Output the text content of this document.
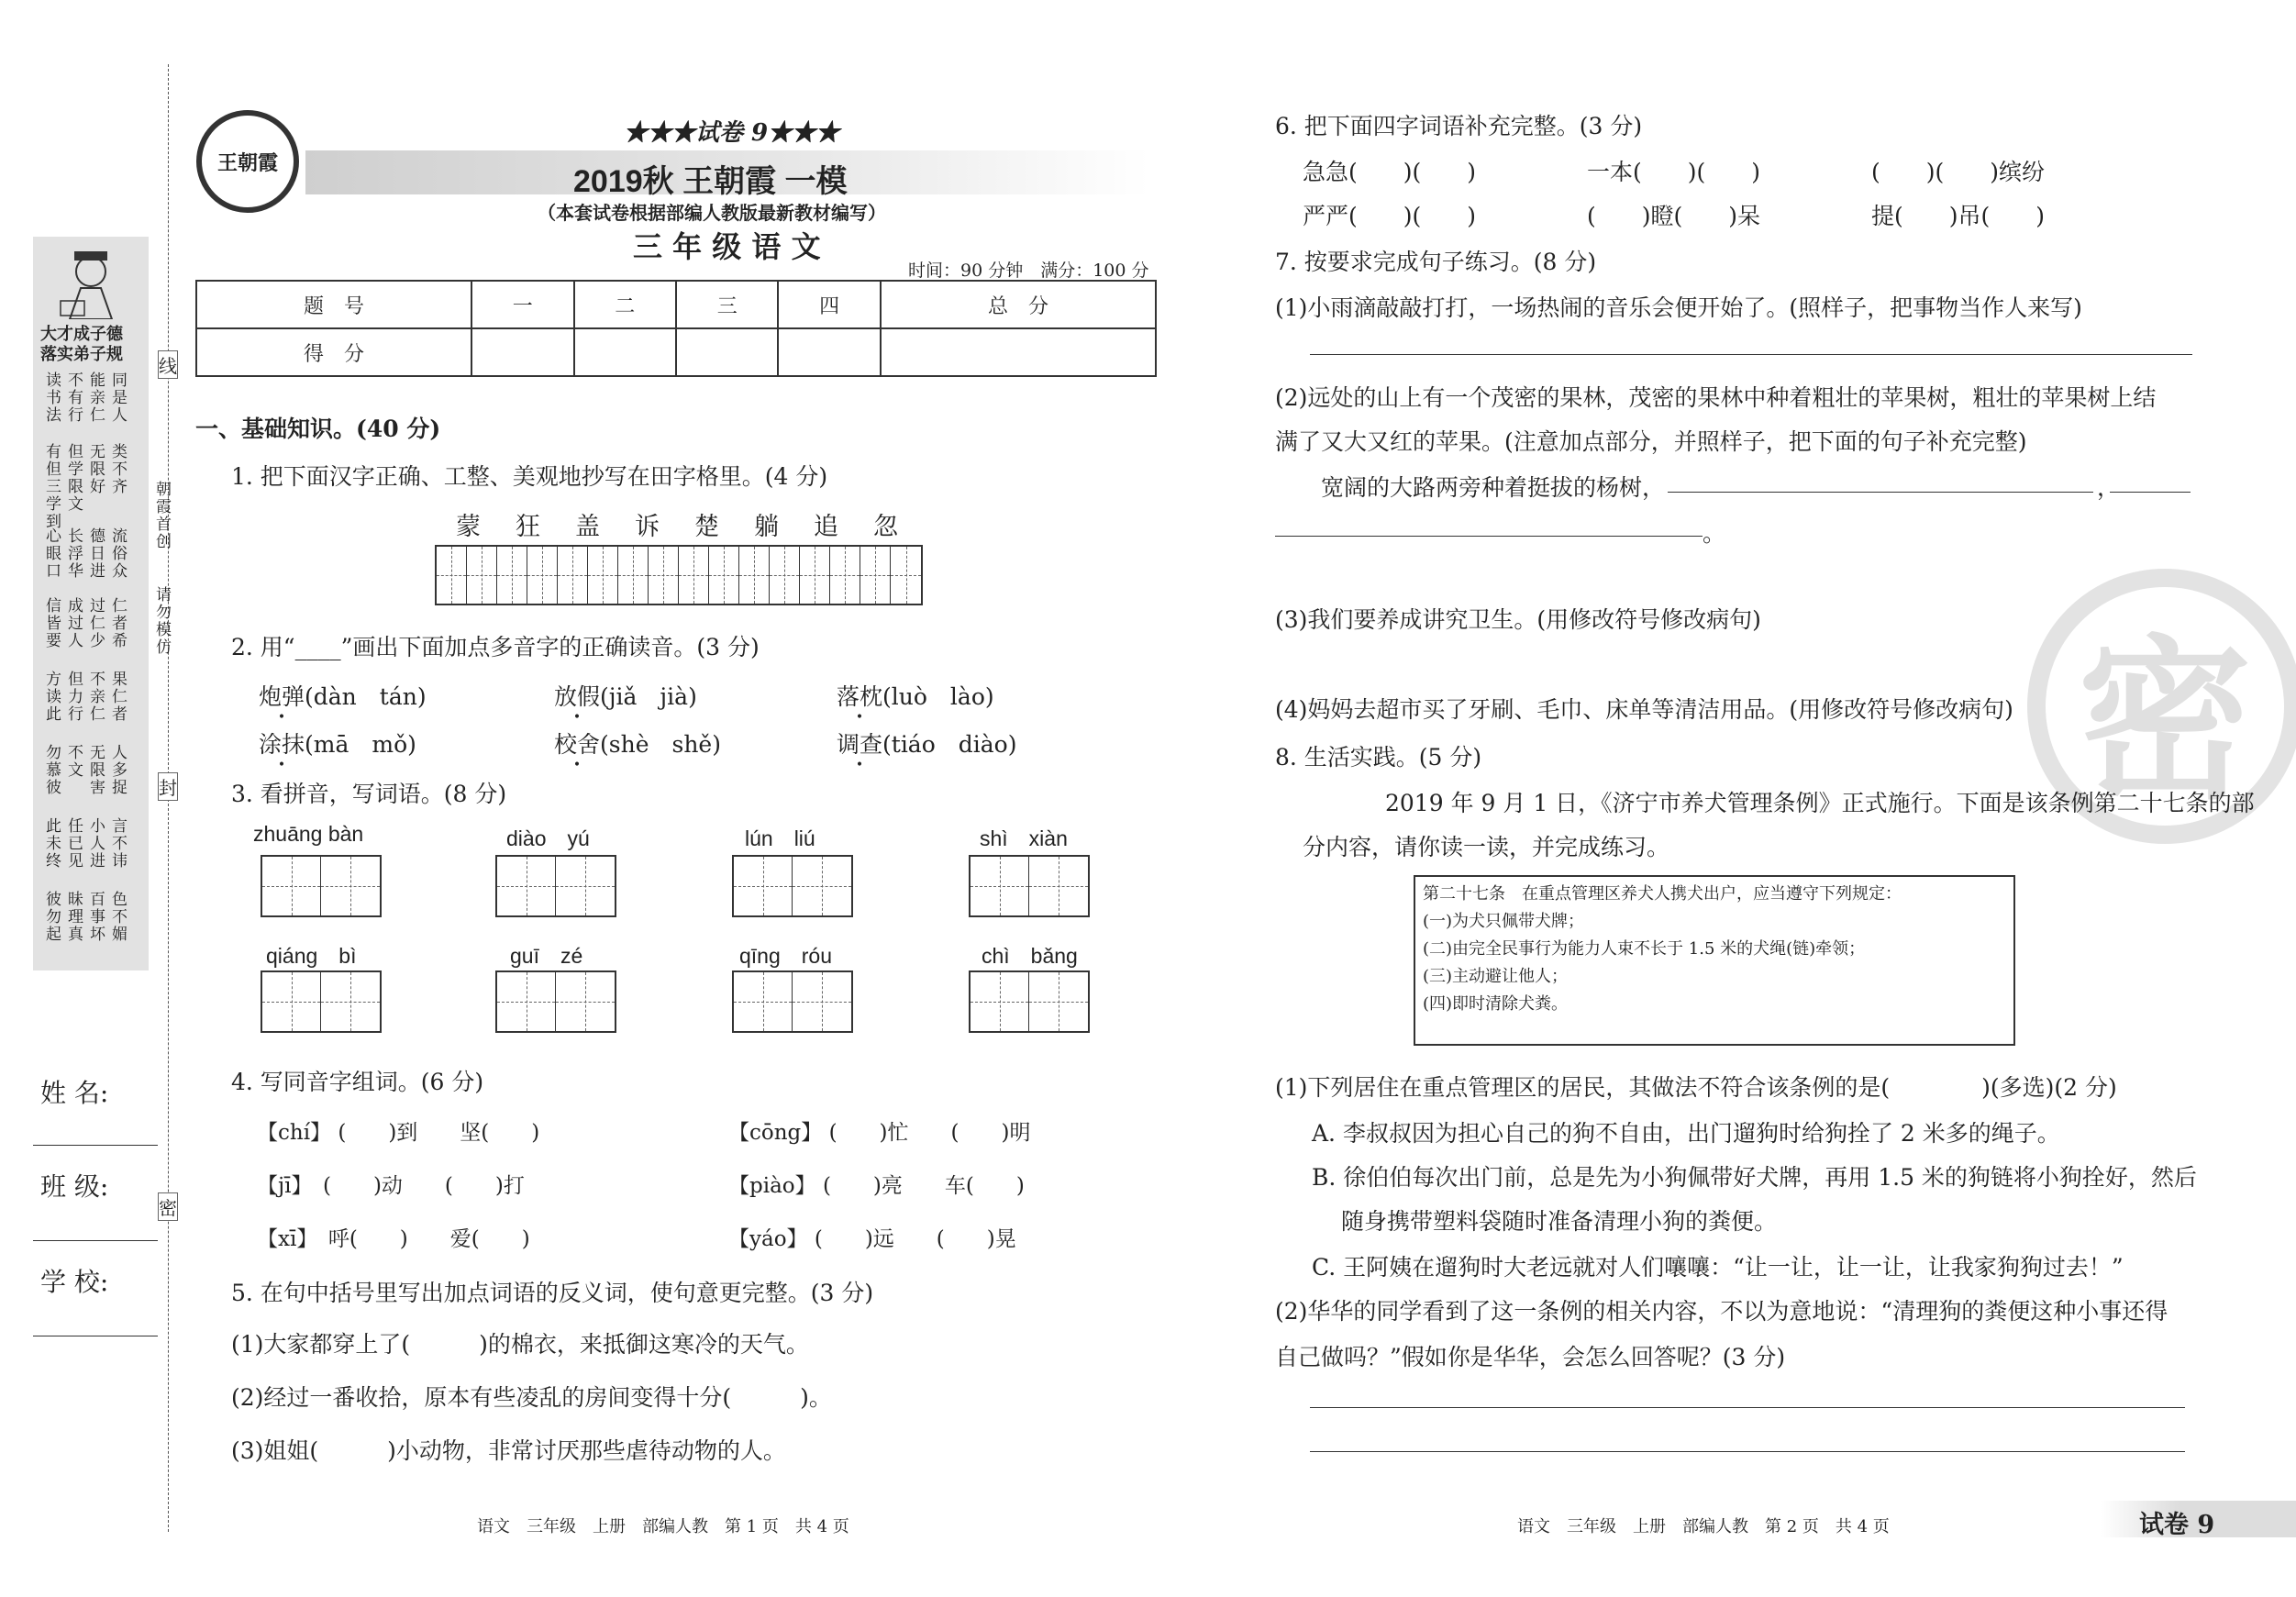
线
封
密
朝霞首创
请勿模仿
大才成子德
落实弟子规
读书法
不有行
能亲仁
同是人
有但三学到
但学限文
无限好
类不齐
心眼口
长浮华
德日进
流俗众
信皆要
成过人
过仁少
仁者希
方读此
但力行
不亲仁
果仁者
勿慕彼
不文
无限害
人多捉
此未终
任已见
小人进
言不讳
彼勿起
昧理真
百事坏
色不媚
姓 名:
班 级:
学 校:
王朝霞
★★★试卷 9★★★
2019秋 王朝霞 一模
（本套试卷根据部编人教版最新教材编写）
三 年 级 语 文
时间：90 分钟　满分：100 分
题　号	一	二	三	四	总　分
得　分					
一、基础知识。(40 分)
1. 把下面汉字正确、工整、美观地抄写在田字格里。(4 分)
蒙	狂	盖	诉	楚	躺	追	忽
2. 用“____”画出下面加点多音字的正确读音。(3 分)
炮弹(dàn　tán)	放假(jiǎ　jià)	落枕(luò　lào)
涂抹(mā　mǒ)	校舍(shè　shě)	调查(tiáo　diào)
3. 看拼音，写词语。(8 分)
zhuāng bàn	diào　yú	lún　liú	shì　xiàn
qiáng　bì	guī　zé	qīng　róu	chì　bǎng
4. 写同音字组词。(6 分)
【chí】 (　　)到　　坚(　　)	【cōng】 (　　)忙　　(　　)明
【jī】　(　　)动　　(　　)打	【piào】 (　　)亮　　车(　　)
【xī】　呼(　　)　　爱(　　)	【yáo】 (　　)远　　(　　)晃
5. 在句中括号里写出加点词语的反义词，使句意更完整。(3 分)
(1)大家都穿上了(　　　)的棉衣，来抵御这寒冷的天气。
(2)经过一番收拾，原本有些凌乱的房间变得十分(　　　)。
(3)姐姐(　　　)小动物，非常讨厌那些虐待动物的人。
语文　三年级　上册　部编人教　第 1 页　共 4 页
密
6. 把下面四字词语补充完整。(3 分)
急急(　　)(　　)	一本(　　)(　　)	(　　)(　　)缤纷
严严(　　)(　　)	(　　)瞪(　　)呆	提(　　)吊(　　)
7. 按要求完成句子练习。(8 分)
(1)小雨滴敲敲打打，一场热闹的音乐会便开始了。(照样子，把事物当作人来写)
(2)远处的山上有一个茂密的果林，茂密的果林中种着粗壮的苹果树，粗壮的苹果树上结
满了又大又红的苹果。(注意加点部分，并照样子，把下面的句子补充完整)
宽阔的大路两旁种着挺拔的杨树，	，
。
(3)我们要养成讲究卫生。(用修改符号修改病句)
(4)妈妈去超市买了牙刷、毛巾、床单等清洁用品。(用修改符号修改病句)
8. 生活实践。(5 分)
2019 年 9 月 1 日，《济宁市养犬管理条例》正式施行。下面是该条例第二十七条的部
分内容，请你读一读，并完成练习。
第二十七条　在重点管理区养犬人携犬出户，应当遵守下列规定：
(一)为犬只佩带犬牌；
(二)由完全民事行为能力人束不长于 1.5 米的犬绳(链)牵领；
(三)主动避让他人；
(四)即时清除犬粪。
(1)下列居住在重点管理区的居民，其做法不符合该条例的是(　　　　)(多选)(2 分)
A. 李叔叔因为担心自己的狗不自由，出门遛狗时给狗拴了 2 米多的绳子。
B. 徐伯伯每次出门前，总是先为小狗佩带好犬牌，再用 1.5 米的狗链将小狗拴好，然后
随身携带塑料袋随时准备清理小狗的粪便。
C. 王阿姨在遛狗时大老远就对人们嚷嚷：“让一让，让一让，让我家狗狗过去！”
(2)华华的同学看到了这一条例的相关内容，不以为意地说：“清理狗的粪便这种小事还得
自己做吗？”假如你是华华，会怎么回答呢？(3 分)
语文　三年级　上册　部编人教　第 2 页　共 4 页	试卷 9
